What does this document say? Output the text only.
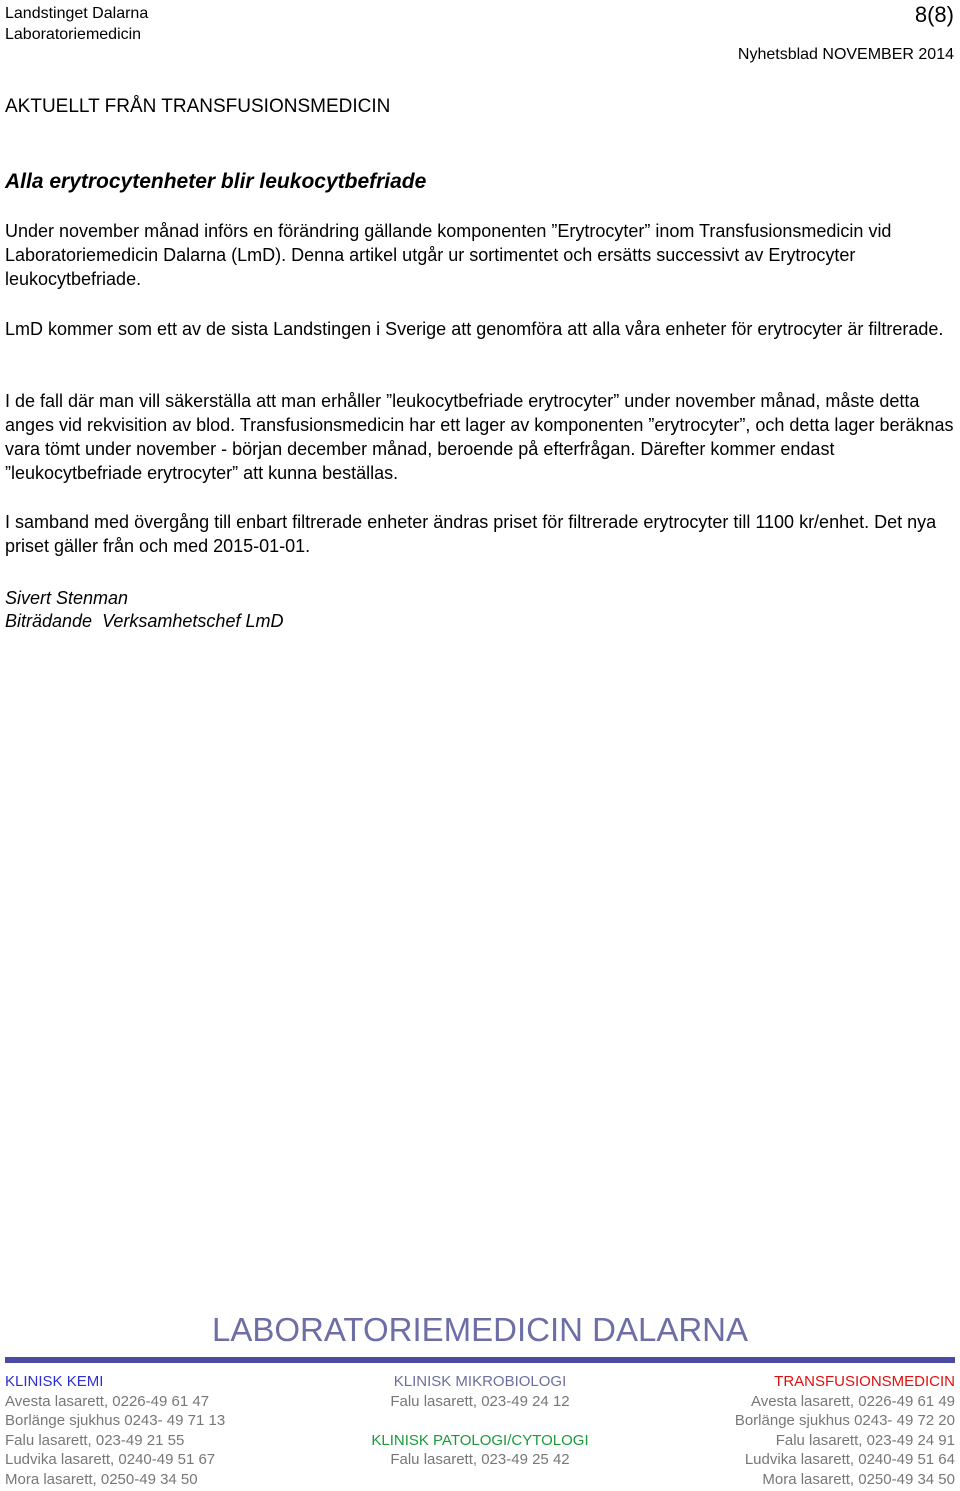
Landstinget Dalarna
Laboratoriemedicin
8(8)
Nyhetsblad NOVEMBER 2014
AKTUELLT FRÅN TRANSFUSIONSMEDICIN
Alla erytrocytenheter blir leukocytbefriade
Under november månad införs en förändring gällande komponenten ”Erytrocyter” inom Transfusionsmedicin vid Laboratoriemedicin Dalarna (LmD). Denna artikel utgår ur sortimentet och ersätts successivt av Erytrocyter leukocytbefriade.
LmD kommer som ett av de sista Landstingen i Sverige att genomföra att alla våra enheter för erytrocyter är filtrerade.
I de fall där man vill säkerställa att man erhåller ”leukocytbefriade erytrocyter” under november månad, måste detta anges vid rekvisition av blod. Transfusionsmedicin har ett lager av komponenten ”erytrocyter”, och detta lager beräknas vara tömt under november - början december månad, beroende på efterfrågan. Därefter kommer endast ”leukocytbefriade erytrocyter” att kunna beställas.
I samband med övergång till enbart filtrerade enheter ändras priset för filtrerade erytrocyter till 1100 kr/enhet. Det nya priset gäller från och med 2015-01-01.
Sivert Stenman
Biträdande  Verksamhetschef LmD
LABORATORIEMEDICIN DALARNA
KLINISK KEMI
Avesta lasarett, 0226-49 61 47
Borlänge sjukhus 0243- 49 71 13
Falu lasarett, 023-49 21 55
Ludvika lasarett, 0240-49 51 67
Mora lasarett, 0250-49 34 50
KLINISK MIKROBIOLOGI
Falu lasarett, 023-49 24 12

KLINISK PATOLOGI/CYTOLOGI
Falu lasarett, 023-49 25 42
TRANSFUSIONSMEDICIN
Avesta lasarett, 0226-49 61 49
Borlänge sjukhus 0243- 49 72 20
Falu lasarett, 023-49 24 91
Ludvika lasarett, 0240-49 51 64
Mora lasarett, 0250-49 34 50
